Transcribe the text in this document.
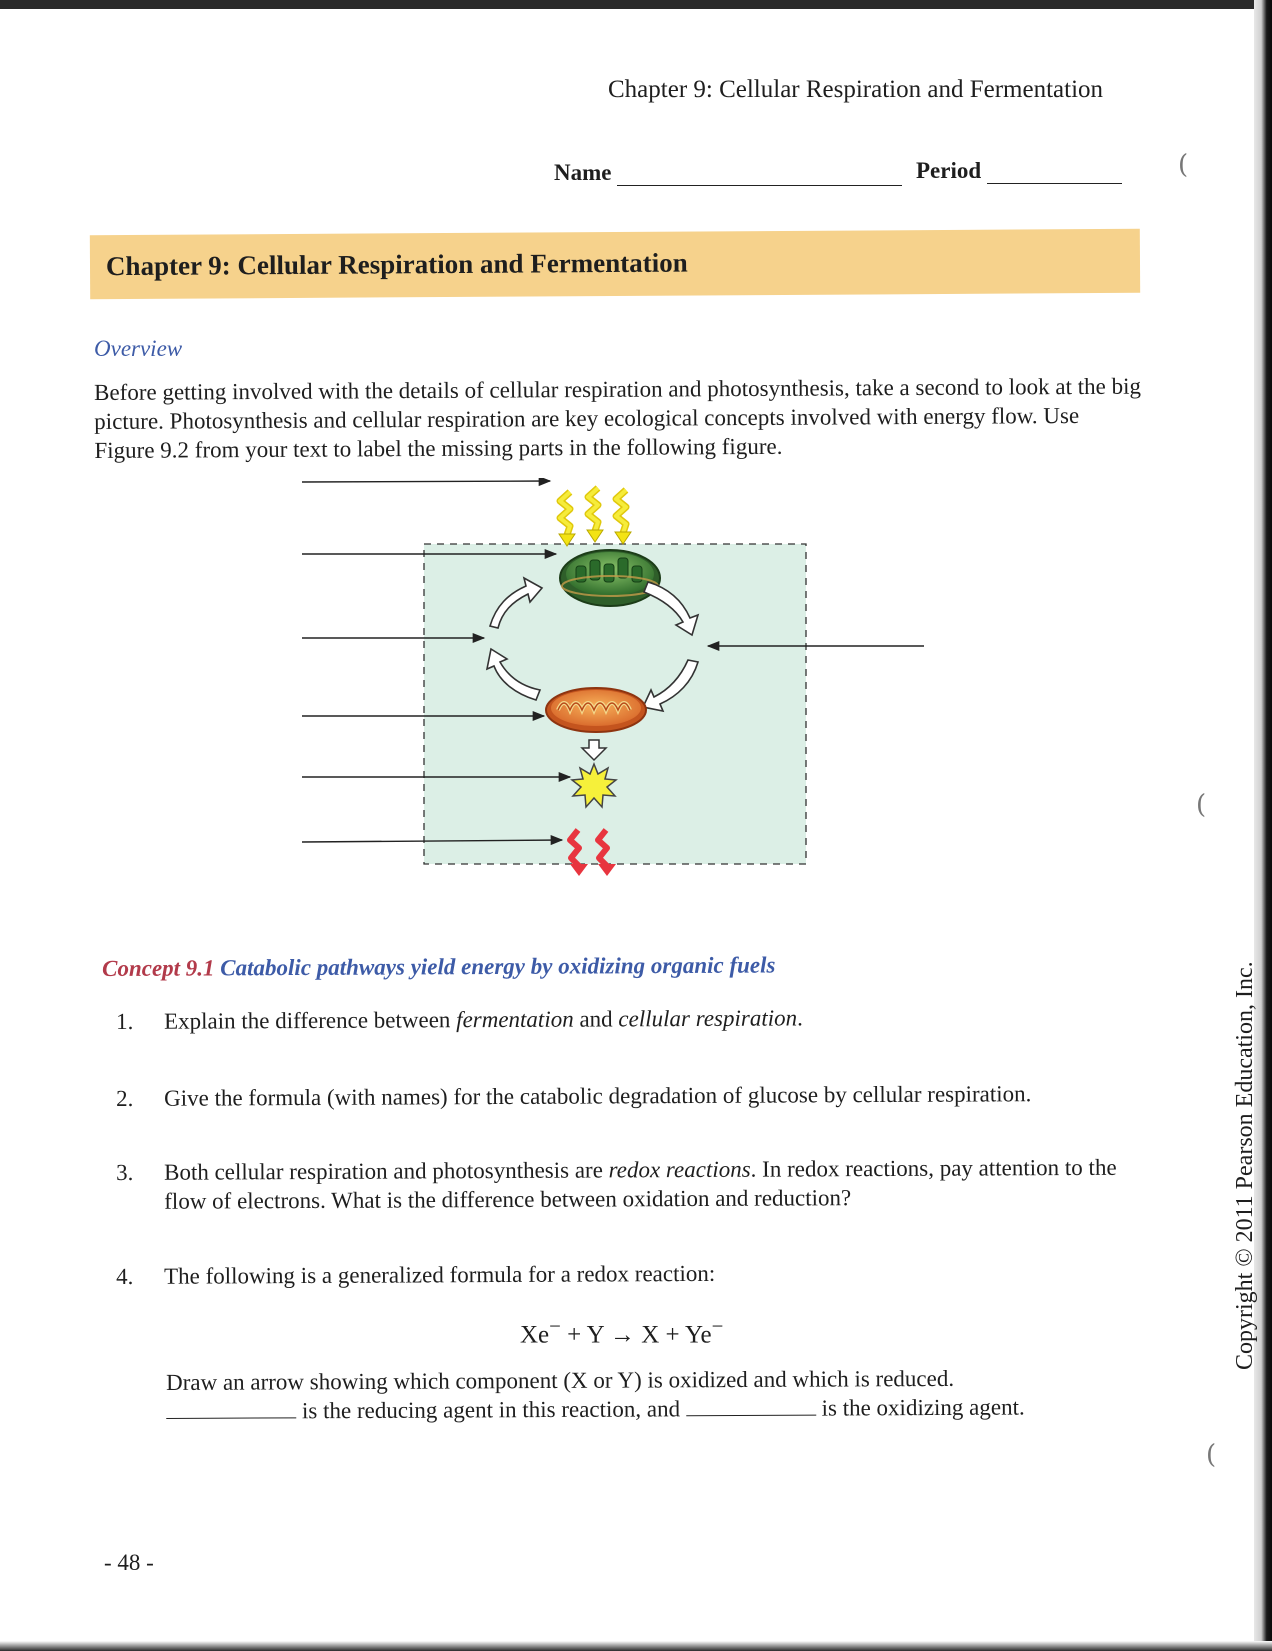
(
(
(
Chapter 9: Cellular Respiration and Fermentation
Name	Period
Chapter 9: Cellular Respiration and Fermentation
Overview
Before getting involved with the details of cellular respiration and photosynthesis, take a second to look at the big picture. Photosynthesis and cellular respiration are key ecological concepts involved with energy flow. Use Figure 9.2 from your text to label the missing parts in the following figure.
Concept 9.1 Catabolic pathways yield energy by oxidizing organic fuels
1.	Explain the difference between fermentation and cellular respiration.
2.	Give the formula (with names) for the catabolic degradation of glucose by cellular respiration.
3.	Both cellular respiration and photosynthesis are redox reactions. In redox reactions, pay attention to the flow of electrons. What is the difference between oxidation and reduction?
4.	The following is a generalized formula for a redox reaction:
Xe− + Y → X + Ye−
Draw an arrow showing which component (X or Y) is oxidized and which is reduced.
is the reducing agent in this reaction, and	is the oxidizing agent.
- 48 -
Copyright © 2011 Pearson Education, Inc.
